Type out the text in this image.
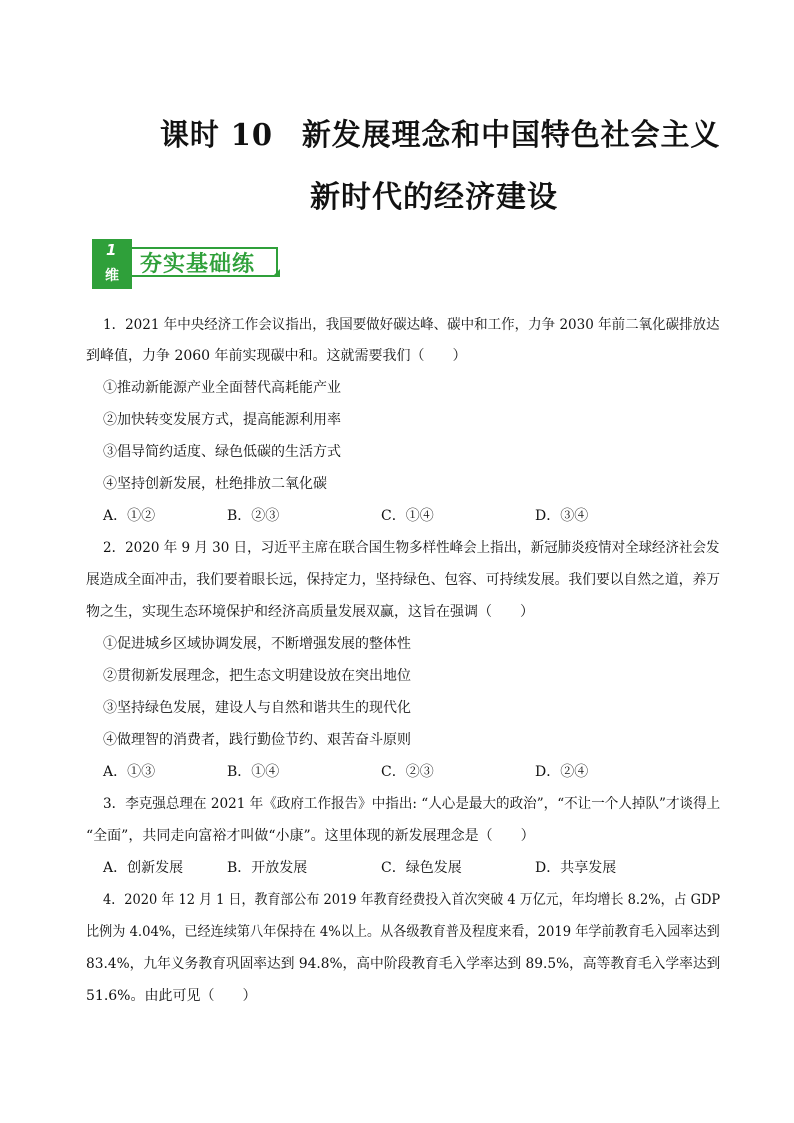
课时 10 新发展理念和中国特色社会主义
新时代的经济建设
1
维 夯实基础练
1．2021 年中央经济工作会议指出，我国要做好碳达峰、碳中和工作，力争 2030 年前二氧化碳排放达
到峰值，力争 2060 年前实现碳中和。这就需要我们（　　）
①推动新能源产业全面替代高耗能产业
②加快转变发展方式，提高能源利用率
③倡导简约适度、绿色低碳的生活方式
④坚持创新发展，杜绝排放二氧化碳
A．①②	B．②③	C．①④	D．③④
2．2020 年 9 月 30 日，习近平主席在联合国生物多样性峰会上指出，新冠肺炎疫情对全球经济社会发
展造成全面冲击，我们要着眼长远，保持定力，坚持绿色、包容、可持续发展。我们要以自然之道，养万
物之生，实现生态环境保护和经济高质量发展双赢，这旨在强调（　　）
①促进城乡区域协调发展，不断增强发展的整体性
②贯彻新发展理念，把生态文明建设放在突出地位
③坚持绿色发展，建设人与自然和谐共生的现代化
④做理智的消费者，践行勤俭节约、艰苦奋斗原则
A．①③	B．①④	C．②③	D．②④
3．李克强总理在 2021 年《政府工作报告》中指出: “人心是最大的政治”，“不让一个人掉队”才谈得上
“全面”，共同走向富裕才叫做“小康”。这里体现的新发展理念是（　　）
A．创新发展	B．开放发展	C．绿色发展	D．共享发展
4．2020 年 12 月 1 日，教育部公布 2019 年教育经费投入首次突破 4 万亿元，年均增长 8.2%，占 GDP
比例为 4.04%，已经连续第八年保持在 4%以上。从各级教育普及程度来看，2019 年学前教育毛入园率达到
83.4%，九年义务教育巩固率达到 94.8%，高中阶段教育毛入学率达到 89.5%，高等教育毛入学率达到
51.6%。由此可见（　　）
